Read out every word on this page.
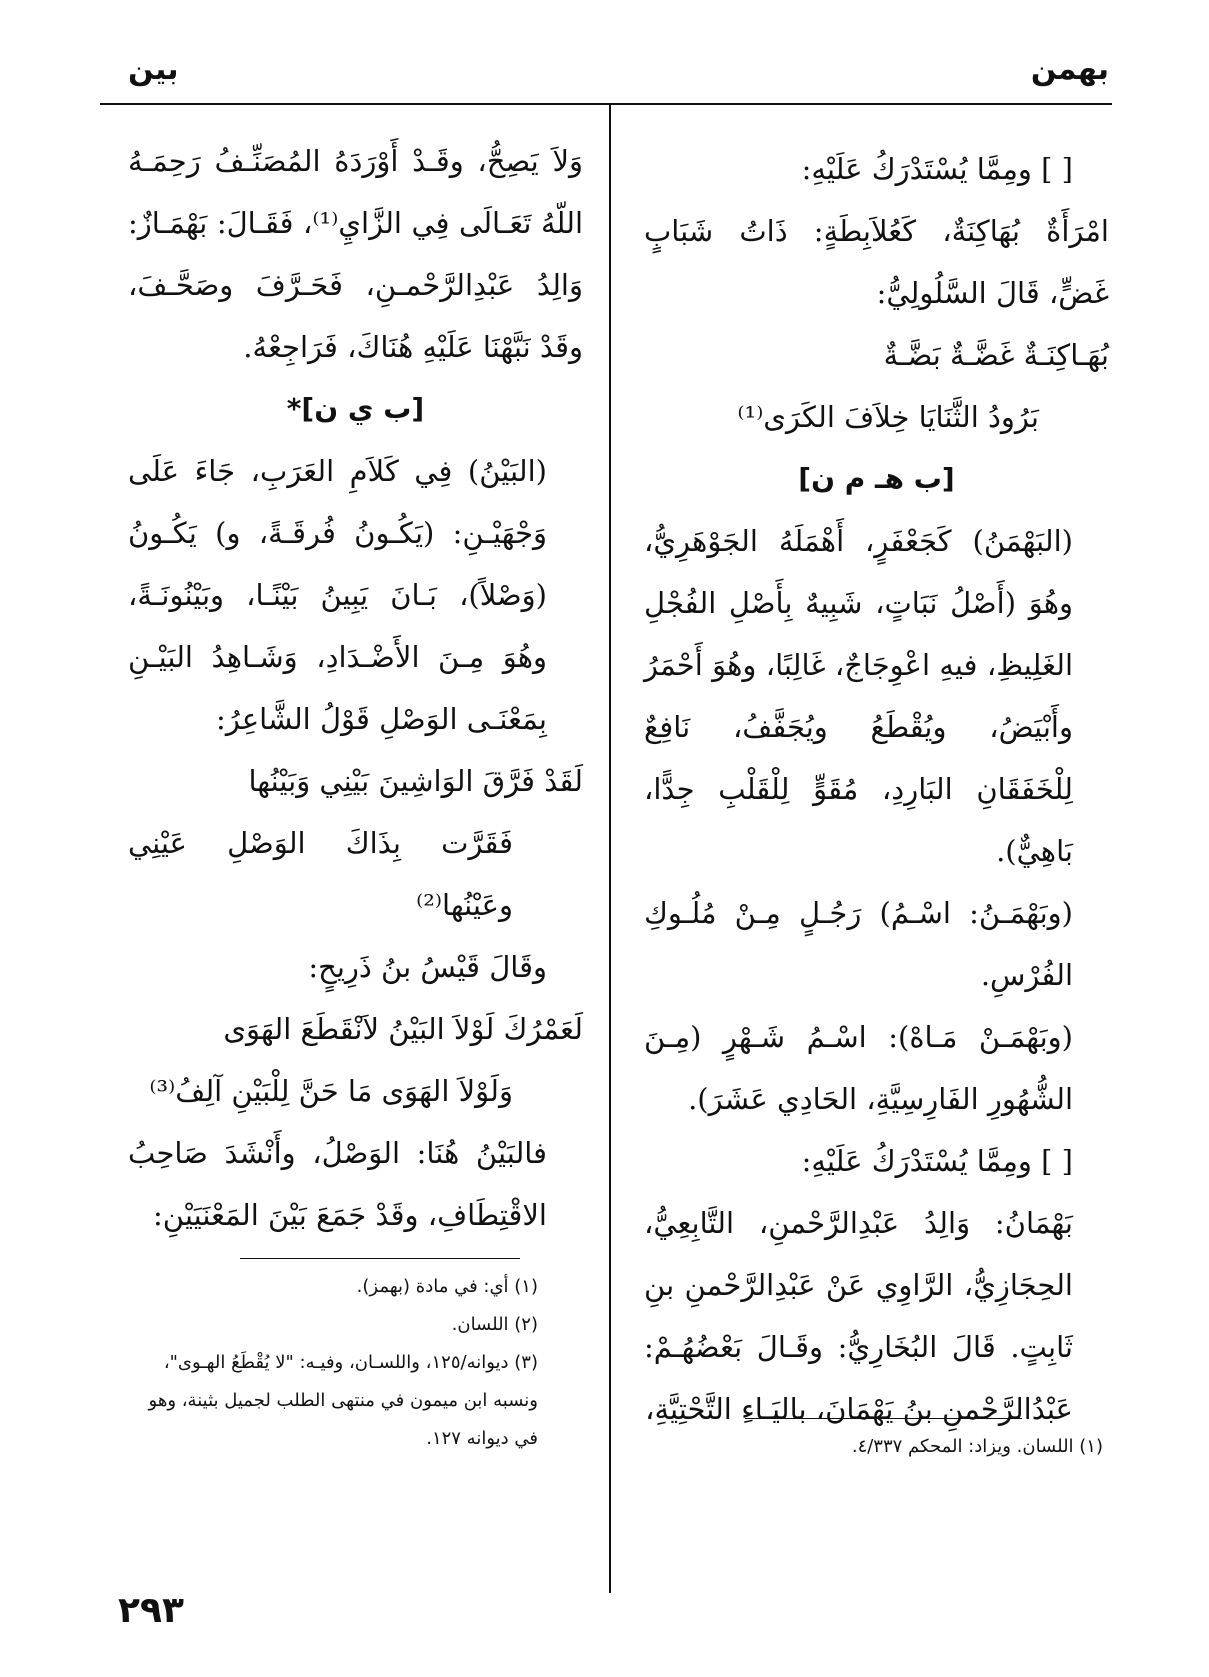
بهمن
بين

[ ] ومِمَّا يُسْتَدْرَكُ عَلَيْهِ:

امْرَأَةٌ بُهَاكِنَةٌ، كَعُلاَبِطَةٍ: ذَاتُ شَبَابٍ غَضٍّ، قَالَ السَّلُولِيُّ:

بُهَـاكِنَـةٌ غَضَّـةٌ بَضَّـةٌ

بَرُودُ الثَّنَايَا خِلاَفَ الكَرَى⁽¹⁾

[ب هـ م ن]

(البَهْمَنُ) كَجَعْفَرٍ، أَهْمَلَهُ الجَوْهَرِيُّ، وهُوَ (أَصْلُ نَبَاتٍ، شَبِيهٌ بِأَصْلِ الفُجْلِ الغَلِيظِ، فيهِ اعْوِجَاجٌ، غَالِبًا، وهُوَ أَحْمَرُ وأَبْيَضُ، ويُقْطَعُ ويُجَفَّفُ، نَافِعٌ لِلْخَفَقَانِ البَارِدِ، مُقَوٍّ لِلْقَلْبِ جِدًّا، بَاهِيٌّ).

(وبَهْمَـنُ: اسْـمُ) رَجُـلٍ مِـنْ مُلُـوكِ الفُرْسِ.

(وبَهْمَـنْ مَـاهْ): اسْـمُ شَـهْرٍ (مِـنَ الشُّهُورِ الفَارِسِيَّةِ، الحَادِي عَشَرَ).

[ ] ومِمَّا يُسْتَدْرَكُ عَلَيْهِ:

بَهْمَانُ: وَالِدُ عَبْدِالرَّحْمنِ، التَّابِعِيُّ، الحِجَازِيُّ، الرَّاوِي عَنْ عَبْدِالرَّحْمنِ بنِ ثَابِتٍ. قَالَ البُخَارِيُّ: وقَـالَ بَعْضُهُـمْ: عَبْدُالرَّحْمنِ بنُ يَهْمَانَ، باليَـاءِ التَّحْتِيَّةِ،

(١) اللسان. ويزاد: المحكم ٤/٣٣٧.

وَلاَ يَصِحُّ، وقَـدْ أَوْرَدَهُ المُصَنِّـفُ رَحِمَـهُ اللّهُ تَعَـالَى فِي الزَّايِ⁽¹⁾، فَقَـالَ: بَهْمَـازٌ: وَالِدُ عَبْدِالرَّحْمـنِ، فَحَـرَّفَ وصَحَّـفَ، وقَدْ نَبَّهْنَا عَلَيْهِ هُنَاكَ، فَرَاجِعْهُ.

[ب ي ن]*

(البَيْنُ) فِي كَلاَمِ العَرَبِ، جَاءَ عَلَى وَجْهَيْـنِ: (يَكُـونُ فُرقَـةً، و) يَكُـونُ (وَصْلاً)، بَـانَ يَبِينُ بَيْنًـا، وبَيْنُونَـةً، وهُوَ مِـنَ الأَضْـدَادِ، وَشَـاهِدُ البَيْـنِ بِمَعْنَـى الوَصْلِ قَوْلُ الشَّاعِرُ:

لَقَدْ فَرَّقَ الوَاشِينَ بَيْنِي وَبَيْنُها

فَقَرَّت بِذَاكَ الوَصْلِ عَيْنِي وعَيْنُها⁽²⁾

وقَالَ قَيْسُ بنُ ذَرِيحٍ:

لَعَمْرُكَ لَوْلاَ البَيْنُ لاَنْقَطَعَ الهَوَى

وَلَوْلاَ الهَوَى مَا حَنَّ لِلْبَيْنِ آلِفُ⁽³⁾

فالبَيْنُ هُنَا: الوَصْلُ، وأَنْشَدَ صَاحِبُ الاقْتِطَافِ، وقَدْ جَمَعَ بَيْنَ المَعْنَيَيْنِ:

(١) أي: في مادة (بهمز).
(٢) اللسان.
(٣) ديوانه/١٢٥، واللسـان، وفيـه: "لا يُقْطَعُ الهـوى"، ونسبه ابن ميمون في منتهى الطلب لجميل بثينة، وهو في ديوانه ١٢٧.
٢٩٣
